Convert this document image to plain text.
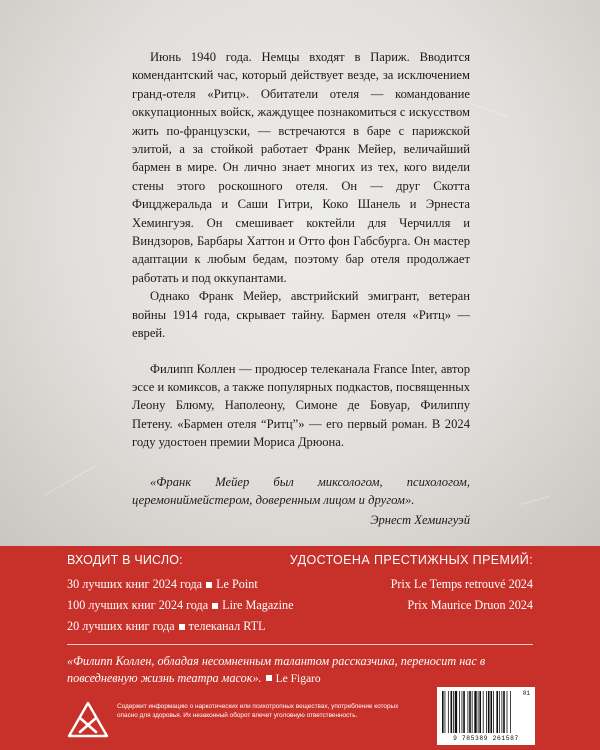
Июнь 1940 года. Немцы входят в Париж. Вводится комендантский час, который действует везде, за исключением гранд-отеля «Ритц». Обитатели отеля — командование оккупационных войск, жаждущее познакомиться с искусством жить по-французски, — встречаются в баре с парижской элитой, а за стойкой работает Франк Мейер, величайший бармен в мире. Он лично знает многих из тех, кого видели стены этого роскошного отеля. Он — друг Скотта Фицджеральда и Саши Гитри, Коко Шанель и Эрнеста Хемингуэя. Он смешивает коктейли для Черчилля и Виндзоров, Барбары Хаттон и Отто фон Габсбурга. Он мастер адаптации к любым бедам, поэтому бар отеля продолжает работать и под оккупантами.

Однако Франк Мейер, австрийский эмигрант, ветеран войны 1914 года, скрывает тайну. Бармен отеля «Ритц» — еврей.

Филипп Коллен — продюсер телеканала France Inter, автор эссе и комиксов, а также популярных подкастов, посвященных Леону Блюму, Наполеону, Симоне де Бовуар, Филиппу Петену. «Бармен отеля “Ритц”» — его первый роман. В 2024 году удостоен премии Мориса Дрюона.

«Франк Мейер был миксологом, психологом, церемониймейстером, доверенным лицом и другом».

Эрнест Хемингуэй

ВХОДИТ В ЧИСЛО:
30 лучших книг 2024 года Le Point
100 лучших книг 2024 года Lire Magazine
20 лучших книг года телеканал RTL
УДОСТОЕНА ПРЕСТИЖНЫХ ПРЕМИЙ:
Prix Le Temps retrouvé 2024
Prix Maurice Druon 2024

«Филипп Коллен, обладая несомненным талантом рассказчика, переносит нас в повседневную жизнь театра масок». Le Figaro

Содержит информацию о наркотических или психотропных веществах, употребление которых опасно для здоровья. Их незаконный оборот влечет уголовную ответственность.

01
9 785389 261587
